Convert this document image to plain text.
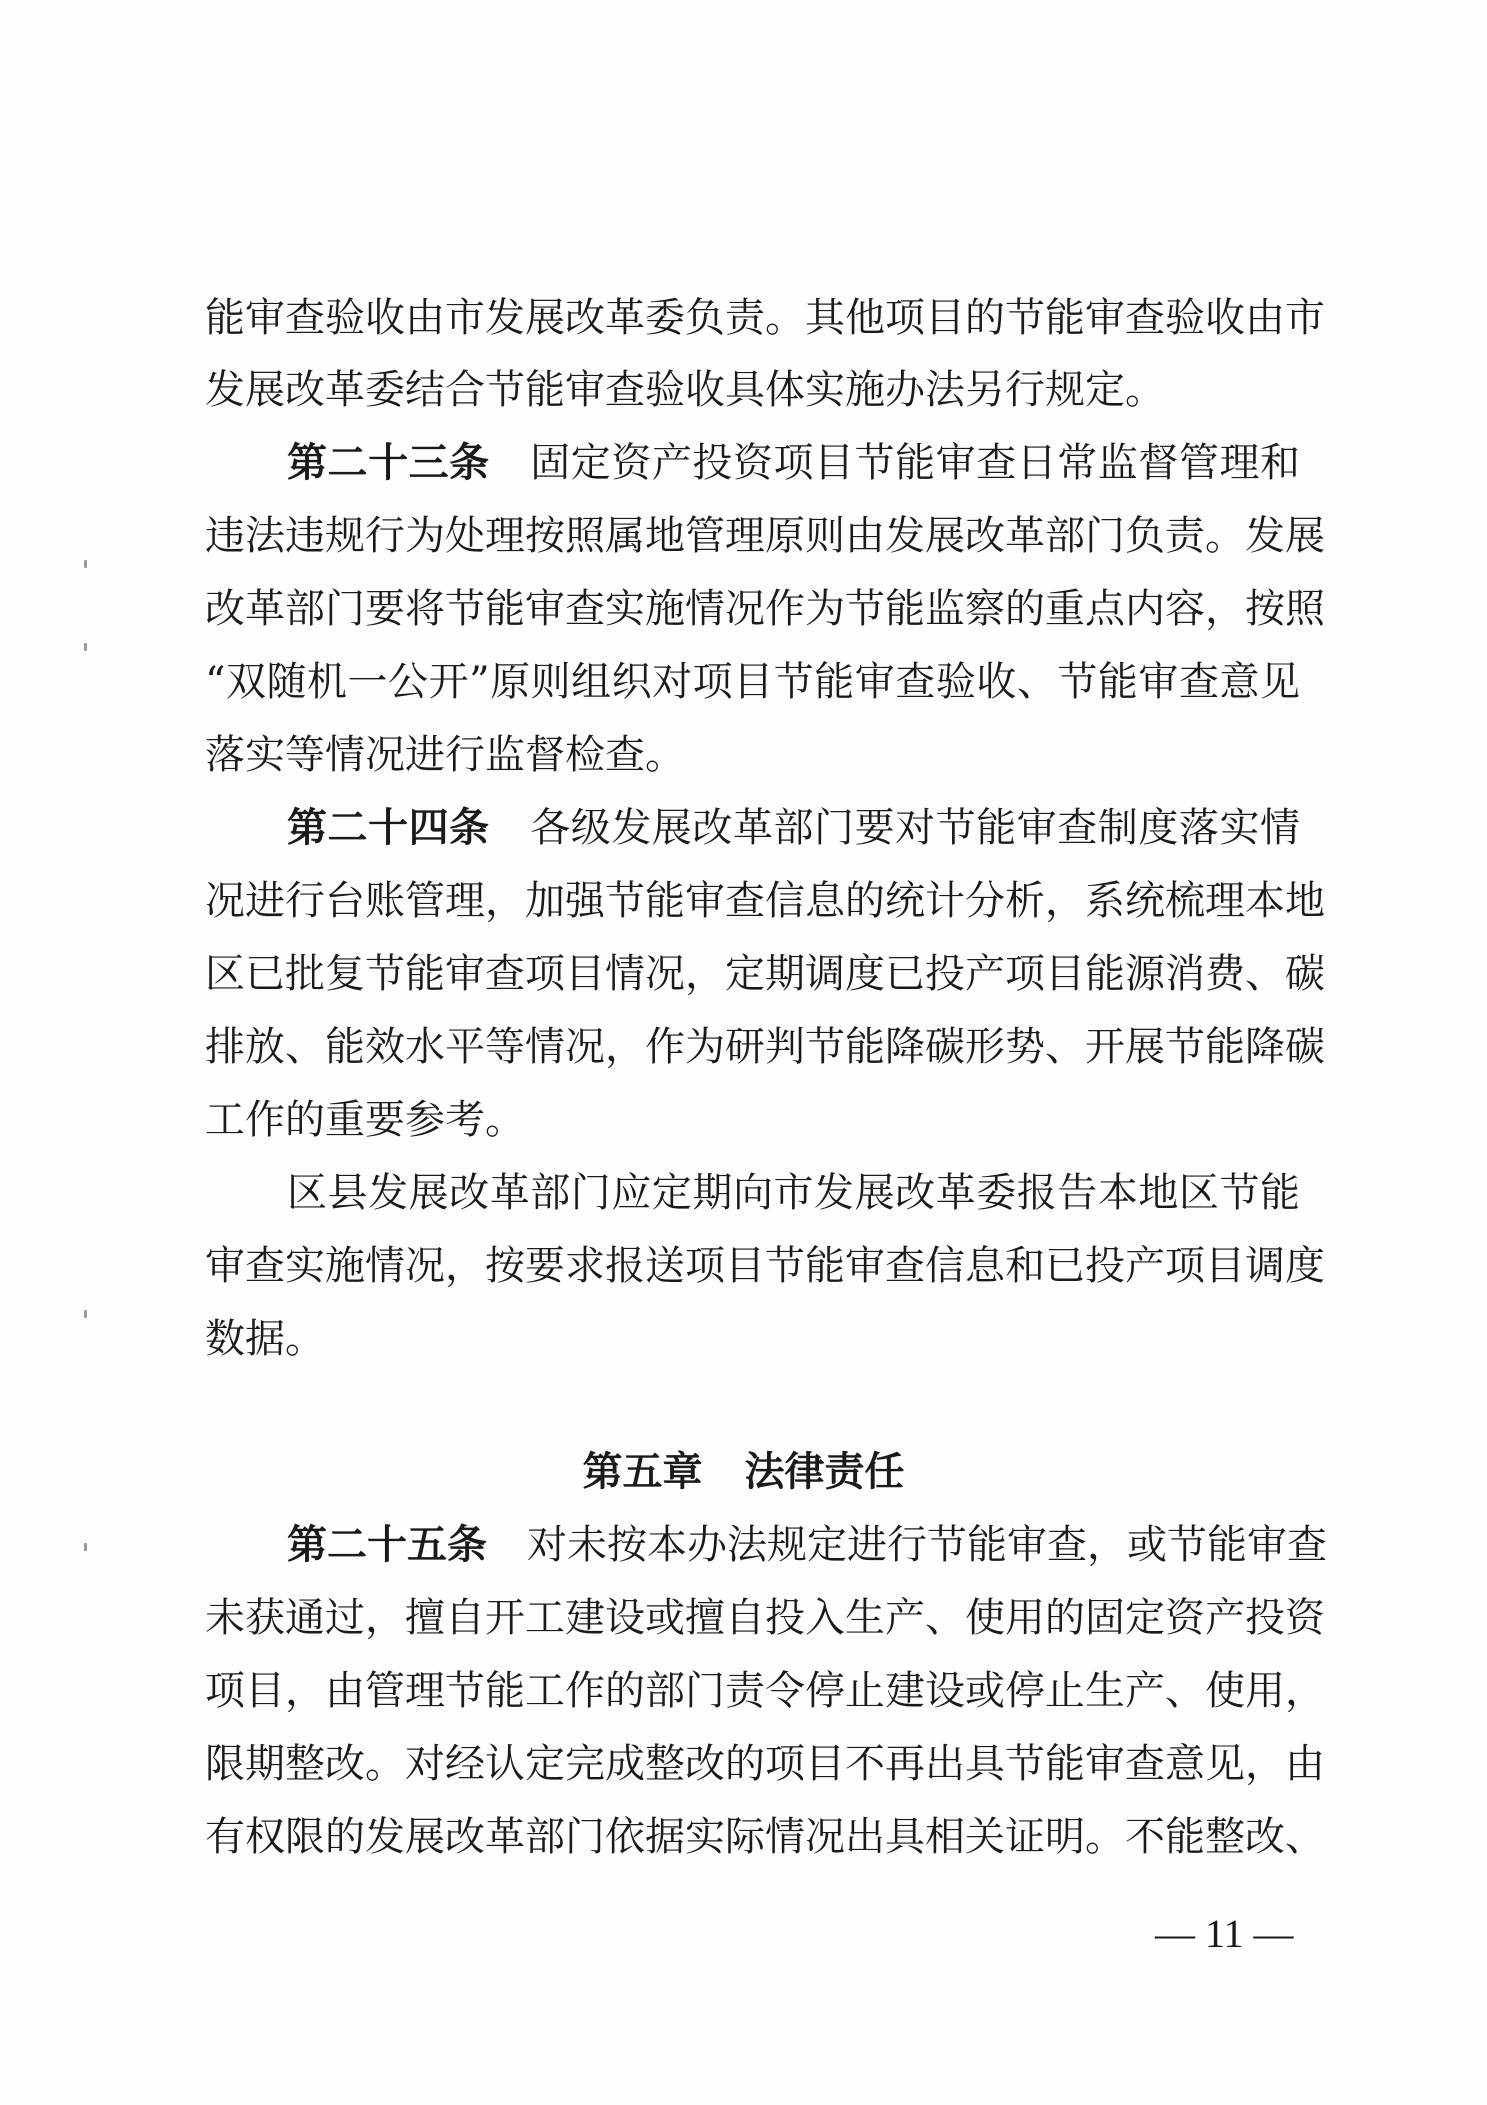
能审查验收由市发展改革委负责。其他项目的节能审查验收由市
发展改革委结合节能审查验收具体实施办法另行规定。
第二十三条 固定资产投资项目节能审查日常监督管理和
违法违规行为处理按照属地管理原则由发展改革部门负责。发展
改革部门要将节能审查实施情况作为节能监察的重点内容，按照
“双随机一公开”原则组织对项目节能审查验收、节能审查意见
落实等情况进行监督检查。
第二十四条 各级发展改革部门要对节能审查制度落实情
况进行台账管理，加强节能审查信息的统计分析，系统梳理本地
区已批复节能审查项目情况，定期调度已投产项目能源消费、碳
排放、能效水平等情况，作为研判节能降碳形势、开展节能降碳
工作的重要参考。
区县发展改革部门应定期向市发展改革委报告本地区节能
审查实施情况，按要求报送项目节能审查信息和已投产项目调度
数据。
第五章 法律责任
第二十五条 对未按本办法规定进行节能审查，或节能审查
未获通过，擅自开工建设或擅自投入生产、使用的固定资产投资
项目，由管理节能工作的部门责令停止建设或停止生产、使用，
限期整改。对经认定完成整改的项目不再出具节能审查意见，由
有权限的发展改革部门依据实际情况出具相关证明。不能整改、
— 11 —
